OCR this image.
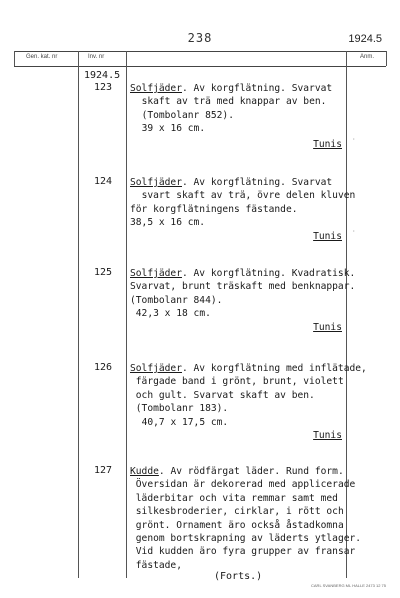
238	1924.5
Gen. kat. nr	Inv. nr	Anm.
1924.5
123 Solfjäder. Av korgflätning. Svarvat
skaft av trä med knappar av ben.
(Tombolanr 852).
39 x 16 cm.
Tunis
124 Solfjäder. Av korgflätning. Svarvat
svart skaft av trä, övre delen kluven
för korgflätningens fästande.
38,5 x 16 cm.
Tunis
125 Solfjäder. Av korgflätning. Kvadratisk.
Svarvat, brunt träskaft med benknappar.
(Tombolanr 844).
42,3 x 18 cm.
Tunis
126 Solfjäder. Av korgflätning med inflätade,
färgade band i grönt, brunt, violett
och gult. Svarvat skaft av ben.
(Tombolanr 183).
40,7 x 17,5 cm.
Tunis
127 Kudde. Av rödfärgat läder. Rund form.
Översidan är dekorerad med applicerade
läderbitar och vita remmar samt med
silkesbroderier, cirklar, i rött och
grönt. Ornament äro också åstadkomna
genom bortskrapning av läderts ytlager.
Vid kudden äro fyra grupper av fransar
fästade,
·
·
(Forts.)
CARL SVANBERG ML HALLE 2473 12 75
